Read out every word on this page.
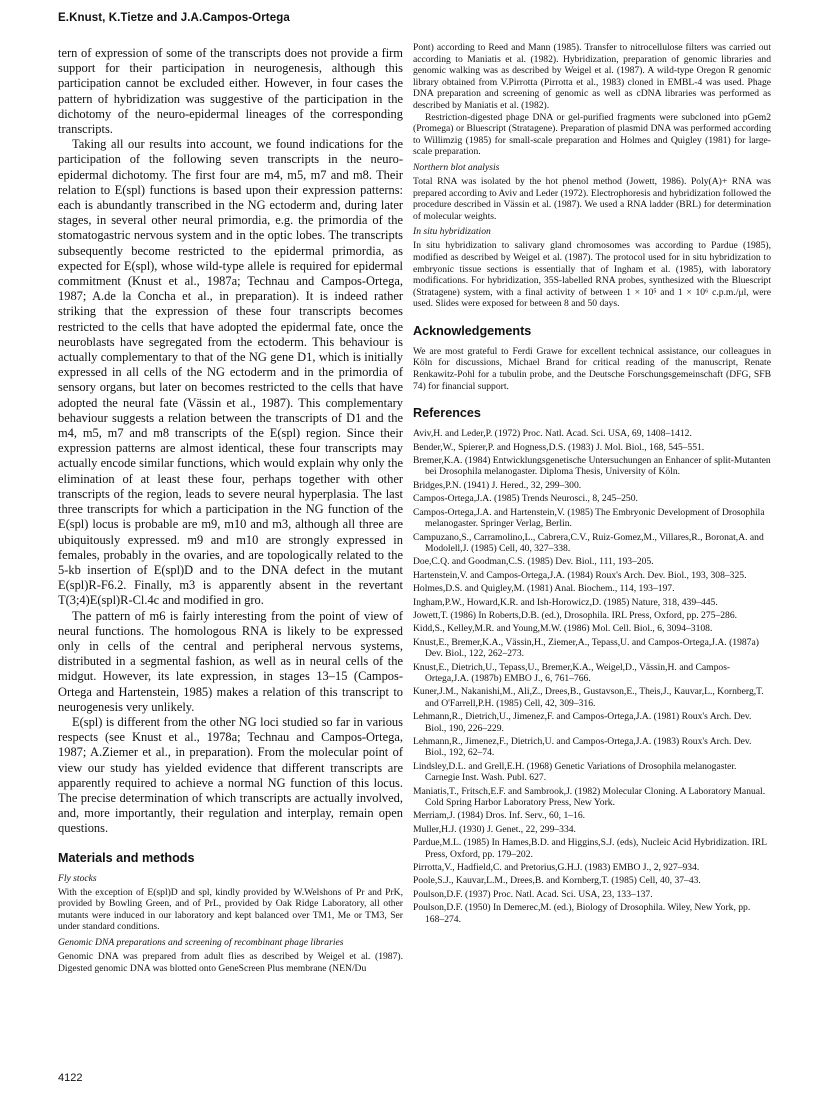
E.Knust, K.Tietze and J.A.Campos-Ortega

tern of expression of some of the transcripts does not provide a firm support for their participation in neurogenesis, although this participation cannot be excluded either. However, in four cases the pattern of hybridization was suggestive of the participation in the dichotomy of the neuro-epidermal lineages of the corresponding transcripts.

Taking all our results into account, we found indications for the participation of the following seven transcripts in the neuro-epidermal dichotomy. The first four are m4, m5, m7 and m8. Their relation to E(spl) functions is based upon their expression patterns: each is abundantly transcribed in the NG ectoderm and, during later stages, in several other neural primordia, e.g. the primordia of the stomatogastric nervous system and in the optic lobes. The transcripts subsequently become restricted to the epidermal primordia, as expected for E(spl), whose wild-type allele is required for epidermal commitment (Knust et al., 1987a; Technau and Campos-Ortega, 1987; A.de la Concha et al., in preparation). It is indeed rather striking that the expression of these four transcripts becomes restricted to the cells that have adopted the epidermal fate, once the neuroblasts have segregated from the ectoderm. This behaviour is actually complementary to that of the NG gene D1, which is initially expressed in all cells of the NG ectoderm and in the primordia of sensory organs, but later on becomes restricted to the cells that have adopted the neural fate (Vässin et al., 1987). This complementary behaviour suggests a relation between the transcripts of D1 and the m4, m5, m7 and m8 transcripts of the E(spl) region. Since their expression patterns are almost identical, these four transcripts may actually encode similar functions, which would explain why only the elimination of at least these four, perhaps together with other transcripts of the region, leads to severe neural hyperplasia. The last three transcripts for which a participation in the NG function of the E(spl) locus is probable are m9, m10 and m3, although all three are ubiquitously expressed. m9 and m10 are strongly expressed in females, probably in the ovaries, and are topologically related to the 5-kb insertion of E(spl)D and to the DNA defect in the mutant E(spl)R-F6.2. Finally, m3 is apparently absent in the revertant T(3;4)E(spl)R-Cl.4c and modified in gro.

The pattern of m6 is fairly interesting from the point of view of neural functions. The homologous RNA is likely to be expressed only in cells of the central and peripheral nervous systems, distributed in a segmental fashion, as well as in neural cells of the midgut. However, its late expression, in stages 13–15 (Campos-Ortega and Hartenstein, 1985) makes a relation of this transcript to neurogenesis very unlikely.

E(spl) is different from the other NG loci studied so far in various respects (see Knust et al., 1978a; Technau and Campos-Ortega, 1987; A.Ziemer et al., in preparation). From the molecular point of view our study has yielded evidence that different transcripts are apparently required to achieve a normal NG function of this locus. The precise determination of which transcripts are actually involved, and, more importantly, their regulation and interplay, remain open questions.

Materials and methods
Fly stocks

With the exception of E(spl)D and spl, kindly provided by W.Welshons of Pr and PrK, provided by Bowling Green, and of PrL, provided by Oak Ridge Laboratory, all other mutants were induced in our laboratory and kept balanced over TM1, Me or TM3, Ser under standard conditions.

Genomic DNA preparations and screening of recombinant phage libraries

Genomic DNA was prepared from adult flies as described by Weigel et al. (1987). Digested genomic DNA was blotted onto GeneScreen Plus membrane (NEN/Du

Pont) according to Reed and Mann (1985). Transfer to nitrocellulose filters was carried out according to Maniatis et al. (1982). Hybridization, preparation of genomic libraries and genomic walking was as described by Weigel et al. (1987). A wild-type Oregon R genomic library obtained from V.Pirrotta (Pirrotta et al., 1983) cloned in EMBL-4 was used. Phage DNA preparation and screening of genomic as well as cDNA libraries was performed as described by Maniatis et al. (1982).

Restriction-digested phage DNA or gel-purified fragments were subcloned into pGem2 (Promega) or Bluescript (Stratagene). Preparation of plasmid DNA was performed according to Willimzig (1985) for small-scale preparation and Holmes and Quigley (1981) for large-scale preparation.

Northern blot analysis

Total RNA was isolated by the hot phenol method (Jowett, 1986). Poly(A)+ RNA was prepared according to Aviv and Leder (1972). Electrophoresis and hybridization followed the procedure described in Vässin et al. (1987). We used a RNA ladder (BRL) for determination of molecular weights.

In situ hybridization

In situ hybridization to salivary gland chromosomes was according to Pardue (1985), modified as described by Weigel et al. (1987). The protocol used for in situ hybridization to embryonic tissue sections is essentially that of Ingham et al. (1985), with laboratory modifications. For hybridization, 35S-labelled RNA probes, synthesized with the Bluescript (Stratagene) system, with a final activity of between 1 × 10⁵ and 1 × 10⁶ c.p.m./μl, were used. Slides were exposed for between 8 and 50 days.

Acknowledgements

We are most grateful to Ferdi Grawe for excellent technical assistance, our colleagues in Köln for discussions, Michael Brand for critical reading of the manuscript, Renate Renkawitz-Pohl for a tubulin probe, and the Deutsche Forschungsgemeinschaft (DFG, SFB 74) for financial support.

References
Aviv,H. and Leder,P. (1972) Proc. Natl. Acad. Sci. USA, 69, 1408–1412.
Bender,W., Spierer,P. and Hogness,D.S. (1983) J. Mol. Biol., 168, 545–551.
Bremer,K.A. (1984) Entwicklungsgenetische Untersuchungen an Enhancer of split-Mutanten bei Drosophila melanogaster. Diploma Thesis, University of Köln.
Bridges,P.N. (1941) J. Hered., 32, 299–300.
Campos-Ortega,J.A. (1985) Trends Neurosci., 8, 245–250.
Campos-Ortega,J.A. and Hartenstein,V. (1985) The Embryonic Development of Drosophila melanogaster. Springer Verlag, Berlin.
Campuzano,S., Carramolino,L., Cabrera,C.V., Ruiz-Gomez,M., Villares,R., Boronat,A. and Modolell,J. (1985) Cell, 40, 327–338.
Doe,C.Q. and Goodman,C.S. (1985) Dev. Biol., 111, 193–205.
Hartenstein,V. and Campos-Ortega,J.A. (1984) Roux's Arch. Dev. Biol., 193, 308–325.
Holmes,D.S. and Quigley,M. (1981) Anal. Biochem., 114, 193–197.
Ingham,P.W., Howard,K.R. and Ish-Horowicz,D. (1985) Nature, 318, 439–445.
Jowett,T. (1986) In Roberts,D.B. (ed.), Drosophila. IRL Press, Oxford, pp. 275–286.
Kidd,S., Kelley,M.R. and Young,M.W. (1986) Mol. Cell. Biol., 6, 3094–3108.
Knust,E., Bremer,K.A., Vässin,H., Ziemer,A., Tepass,U. and Campos-Ortega,J.A. (1987a) Dev. Biol., 122, 262–273.
Knust,E., Dietrich,U., Tepass,U., Bremer,K.A., Weigel,D., Vässin,H. and Campos-Ortega,J.A. (1987b) EMBO J., 6, 761–766.
Kuner,J.M., Nakanishi,M., Ali,Z., Drees,B., Gustavson,E., Theis,J., Kauvar,L., Kornberg,T. and O'Farrell,P.H. (1985) Cell, 42, 309–316.
Lehmann,R., Dietrich,U., Jimenez,F. and Campos-Ortega,J.A. (1981) Roux's Arch. Dev. Biol., 190, 226–229.
Lehmann,R., Jimenez,F., Dietrich,U. and Campos-Ortega,J.A. (1983) Roux's Arch. Dev. Biol., 192, 62–74.
Lindsley,D.L. and Grell,E.H. (1968) Genetic Variations of Drosophila melanogaster. Carnegie Inst. Wash. Publ. 627.
Maniatis,T., Fritsch,E.F. and Sambrook,J. (1982) Molecular Cloning. A Laboratory Manual. Cold Spring Harbor Laboratory Press, New York.
Merriam,J. (1984) Dros. Inf. Serv., 60, 1–16.
Muller,H.J. (1930) J. Genet., 22, 299–334.
Pardue,M.L. (1985) In Hames,B.D. and Higgins,S.J. (eds), Nucleic Acid Hybridization. IRL Press, Oxford, pp. 179–202.
Pirrotta,V., Hadfield,C. and Pretorius,G.H.J. (1983) EMBO J., 2, 927–934.
Poole,S.J., Kauvar,L.M., Drees,B. and Kornberg,T. (1985) Cell, 40, 37–43.
Poulson,D.F. (1937) Proc. Natl. Acad. Sci. USA, 23, 133–137.
Poulson,D.F. (1950) In Demerec,M. (ed.), Biology of Drosophila. Wiley, New York, pp. 168–274.
4122
